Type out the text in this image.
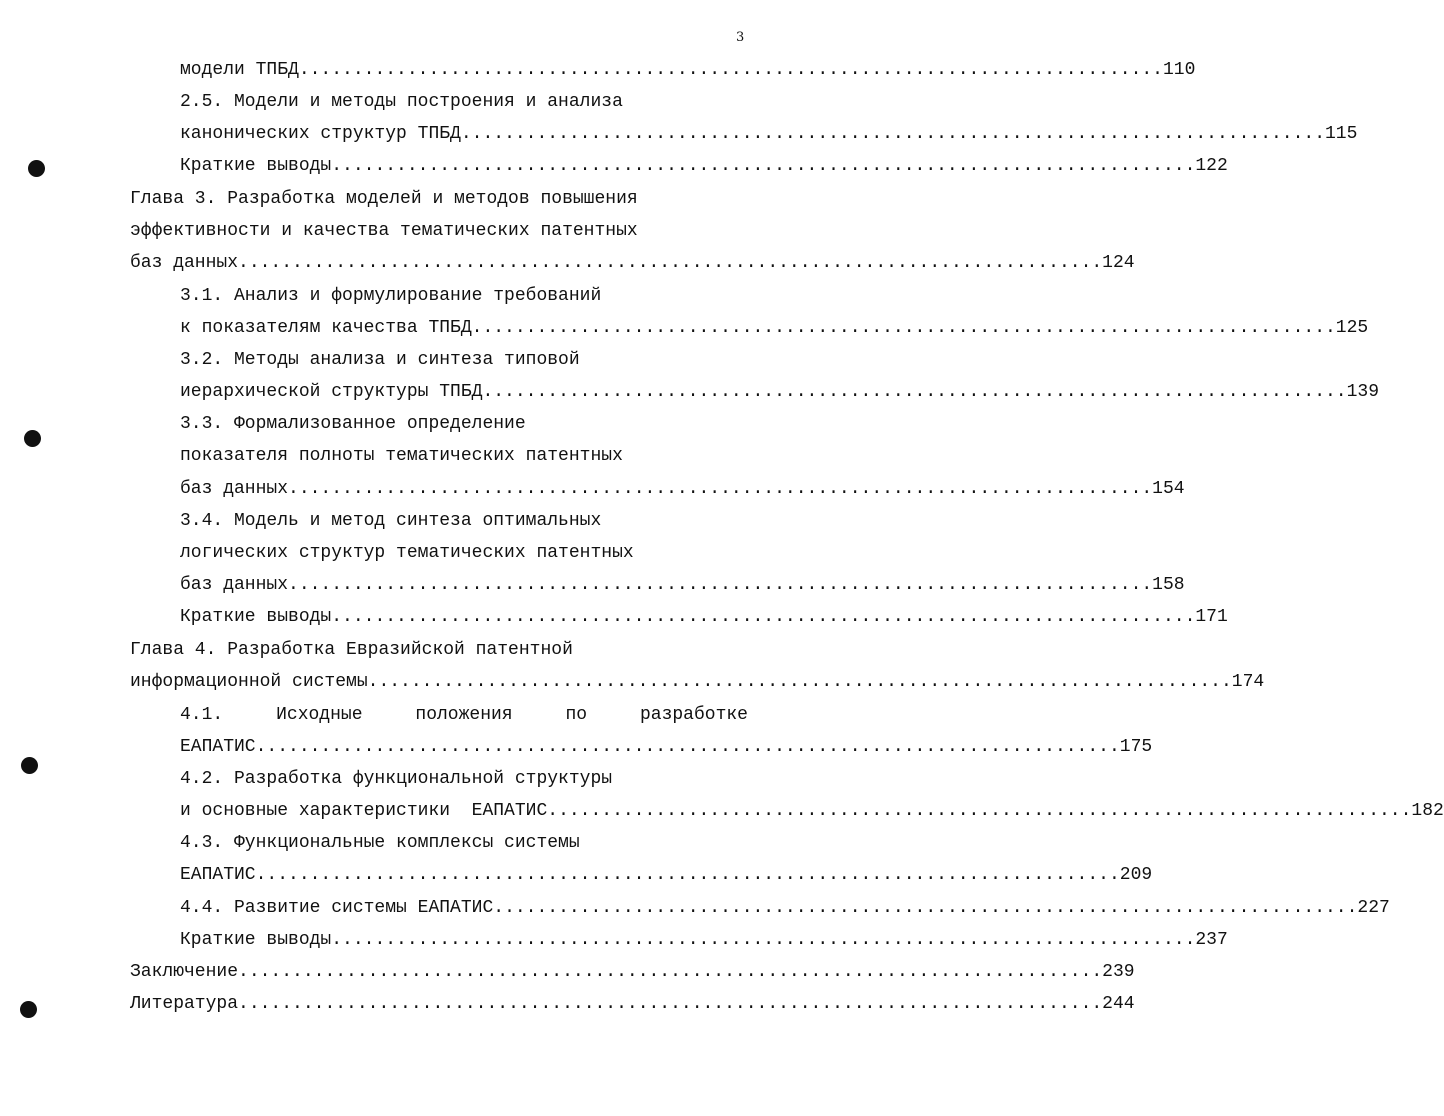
3
модели ТПБД ................................................................................ 110
2.5. Модели и методы построения и анализа
канонических структур ТПБД ................................................................................ 115
Краткие выводы ................................................................................ 122
Глава 3. Разработка моделей и методов повышения
эффективности и качества тематических патентных
баз данных ................................................................................ 124
3.1. Анализ и формулирование требований
к показателям качества ТПБД ................................................................................ 125
3.2. Методы анализа и синтеза типовой
иерархической структуры ТПБД ................................................................................ 139
3.3. Формализованное определение
показателя полноты тематических патентных
баз данных ................................................................................ 154
3.4. Модель и метод синтеза оптимальных
логических структур тематических патентных
баз данных ................................................................................ 158
Краткие выводы ................................................................................ 171
Глава 4. Разработка Евразийской патентной
информационной системы ................................................................................ 174
4.1.	Исходные	положения	по	разработке
ЕАПАТИС ................................................................................ 175
4.2. Разработка функциональной структуры
и основные характеристики  ЕАПАТИС ................................................................................ 182
4.3. Функциональные комплексы системы
ЕАПАТИС ................................................................................ 209
4.4. Развитие системы ЕАПАТИС ................................................................................ 227
Краткие выводы ................................................................................ 237
Заключение ................................................................................ 239
Литература ................................................................................ 244
